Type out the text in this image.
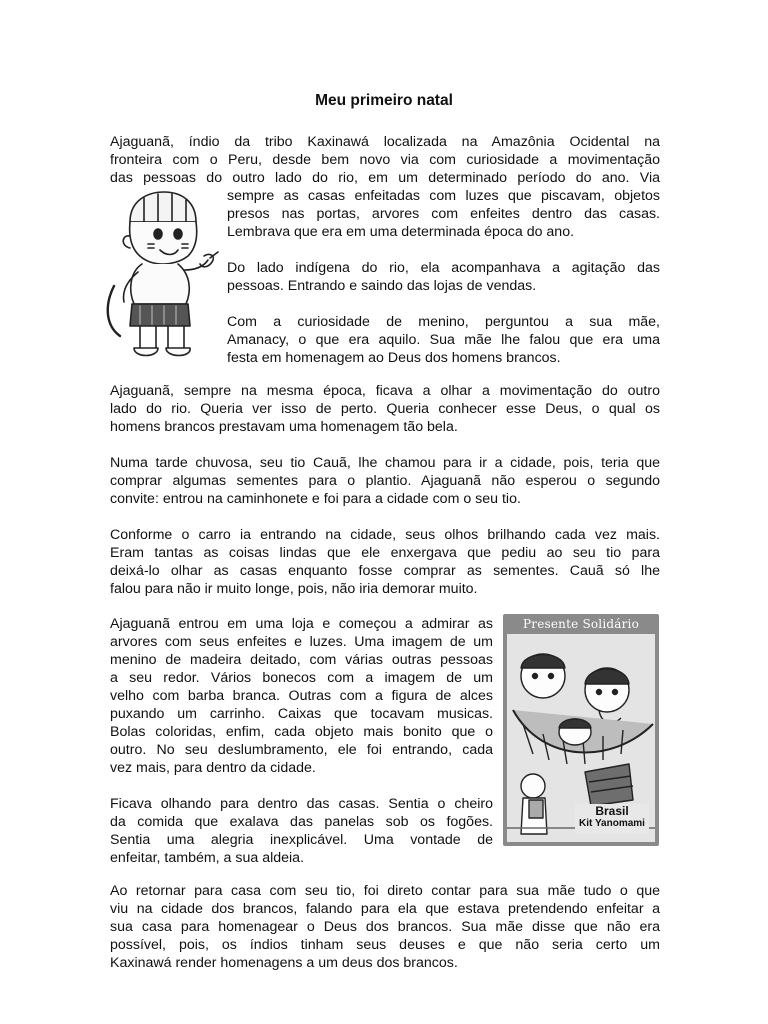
Meu primeiro natal

Ajaguanã, índio da tribo Kaxinawá localizada na Amazônia Ocidental na
fronteira com o Peru, desde bem novo via com curiosidade a movimentação
das pessoas do outro lado do rio, em um determinado período do ano. Via

sempre as casas enfeitadas com luzes que piscavam, objetos
presos nas portas, arvores com enfeites dentro das casas.
Lembrava que era em uma determinada época do ano.

Do lado indígena do rio, ela acompanhava a agitação das
pessoas. Entrando e saindo das lojas de vendas.

Com a curiosidade de menino, perguntou a sua mãe,
Amanacy, o que era aquilo. Sua mãe lhe falou que era uma
festa em homenagem ao Deus dos homens brancos.

Ajaguanã, sempre na mesma época, ficava a olhar a movimentação do outro
lado do rio. Queria ver isso de perto. Queria conhecer esse Deus, o qual os
homens brancos prestavam uma homenagem tão bela.

Numa tarde chuvosa, seu tio Cauã, lhe chamou para ir a cidade, pois, teria que
comprar algumas sementes para o plantio. Ajaguanã não esperou o segundo
convite: entrou na caminhonete e foi para a cidade com o seu tio.

Conforme o carro ia entrando na cidade, seus olhos brilhando cada vez mais.
Eram tantas as coisas lindas que ele enxergava que pediu ao seu tio para
deixá-lo olhar as casas enquanto fosse comprar as sementes. Cauã só lhe
falou para não ir muito longe, pois, não iria demorar muito.

Ajaguanã entrou em uma loja e começou a admirar as
arvores com seus enfeites e luzes. Uma imagem de um
menino de madeira deitado, com várias outras pessoas
a seu redor. Vários bonecos com a imagem de um
velho com barba branca. Outras com a figura de alces
puxando um carrinho. Caixas que tocavam musicas.
Bolas coloridas, enfim, cada objeto mais bonito que o
outro. No seu deslumbramento, ele foi entrando, cada
vez mais, para dentro da cidade.

Presente Solidário
Brasil
Kit Yanomami

Ficava olhando para dentro das casas. Sentia o cheiro
da comida que exalava das panelas sob os fogões.
Sentia uma alegria inexplicável. Uma vontade de
enfeitar, também, a sua aldeia.

Ao retornar para casa com seu tio, foi direto contar para sua mãe tudo o que
viu na cidade dos brancos, falando para ela que estava pretendendo enfeitar a
sua casa para homenagear o Deus dos brancos. Sua mãe disse que não era
possível, pois, os índios tinham seus deuses e que não seria certo um
Kaxinawá render homenagens a um deus dos brancos.
